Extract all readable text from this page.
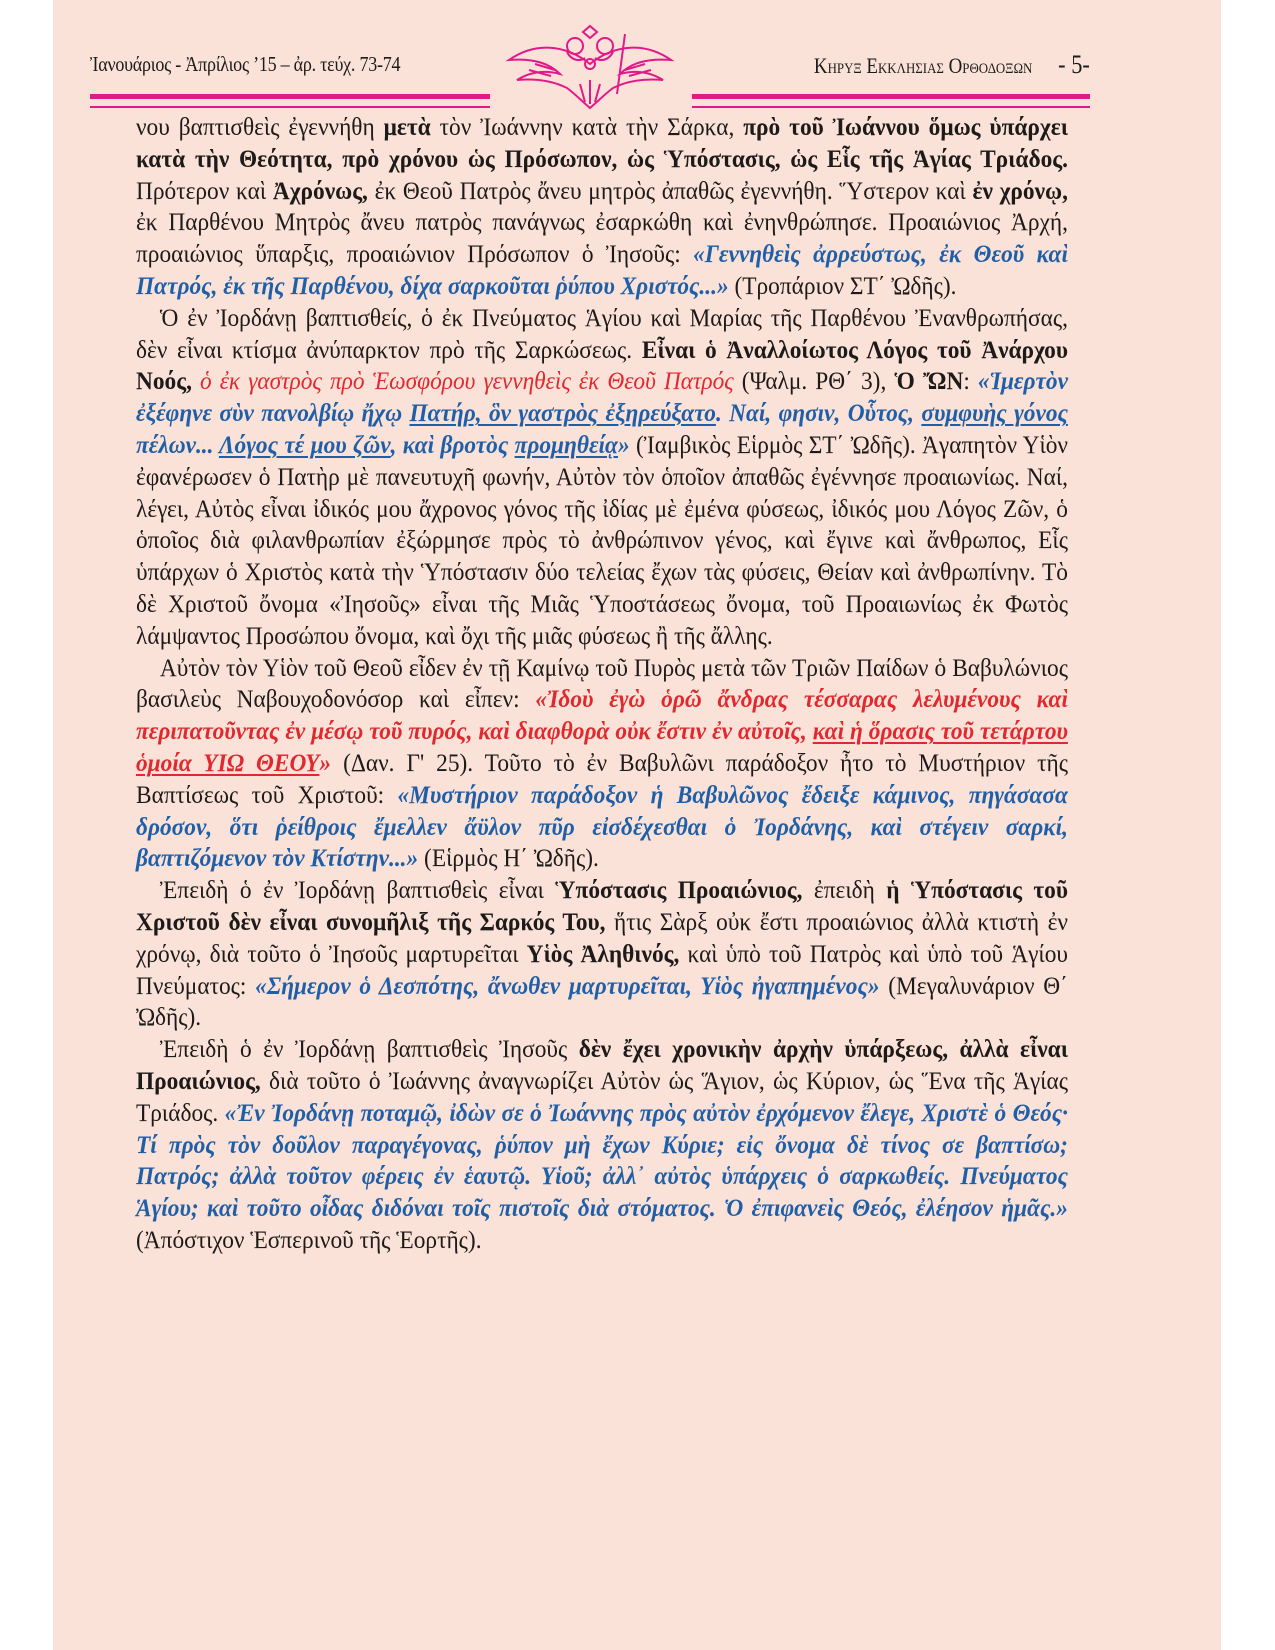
Ἰανουάριος - Ἀπρίλιος ’15 – ἀρ. τεύχ. 73-74	Κηρυξ Εκκλησιας Ορθοδοξων - 5-

νου βαπτισθεὶς ἐγεννήθη μετὰ τὸν Ἰωάννην κατὰ τὴν Σάρκα, πρὸ τοῦ Ἰωάννου ὅμως ὑπάρχει κατὰ τὴν Θεότητα, πρὸ χρόνου ὡς Πρόσωπον, ὡς Ὑπόστασις, ὡς Εἷς τῆς Ἁγίας Τριάδος. Πρότερον καὶ Ἀχρόνως, ἐκ Θεοῦ Πατρὸς ἄνευ μητρὸς ἀπαθῶς ἐγεννήθη. Ὕστερον καὶ ἐν χρόνῳ, ἐκ Παρθένου Μητρὸς ἄνευ πατρὸς πανάγνως ἐσαρκώθη καὶ ἐνηνθρώπησε. Προαιώνιος Ἀρχή, προαιώνιος ὕπαρξις, προαιώνιον Πρόσωπον ὁ Ἰησοῦς: «Γεννηθεὶς ἀρρεύστως, ἐκ Θεοῦ καὶ Πατρός, ἐκ τῆς Παρθένου, δίχα σαρκοῦται ῥύπου Χριστός...» (Τροπάριον ΣΤ΄ Ὠδῆς).

Ὁ ἐν Ἰορδάνῃ βαπτισθείς, ὁ ἐκ Πνεύματος Ἁγίου καὶ Μαρίας τῆς Παρθένου Ἐνανθρωπήσας, δὲν εἶναι κτίσμα ἀνύπαρκτον πρὸ τῆς Σαρκώσεως. Εἶναι ὁ Ἀναλλοίωτος Λόγος τοῦ Ἀνάρχου Νοός, ὁ ἐκ γαστρὸς πρὸ Ἑωσφόρου γεννηθεὶς ἐκ Θεοῦ Πατρός (Ψαλμ. ΡΘ΄ 3), Ὁ ὬΝ: «Ἱμερτὸν ἐξέφηνε σὺν πανολβίῳ ἤχῳ Πατήρ, ὃν γαστρὸς ἐξηρεύξατο. Ναί, φησιν, Οὗτος, συμφυὴς γόνος πέλων... Λόγος τέ μου ζῶν, καὶ βροτὸς προμηθείᾳ» (Ἰαμβικὸς Εἱρμὸς ΣΤ΄ Ὠδῆς). Ἀγαπητὸν Υἱὸν ἐφανέρωσεν ὁ Πατὴρ μὲ πανευτυχῆ φωνήν, Αὐτὸν τὸν ὁποῖον ἀπαθῶς ἐγέννησε προαιωνίως. Ναί, λέγει, Αὐτὸς εἶναι ἰδικός μου ἄχρονος γόνος τῆς ἰδίας μὲ ἐμένα φύσεως, ἰδικός μου Λόγος Ζῶν, ὁ ὁποῖος διὰ φιλανθρωπίαν ἐξώρμησε πρὸς τὸ ἀνθρώπινον γένος, καὶ ἔγινε καὶ ἄνθρωπος, Εἷς ὑπάρχων ὁ Χριστὸς κατὰ τὴν Ὑπόστασιν δύο τελείας ἔχων τὰς φύσεις, Θείαν καὶ ἀνθρωπίνην. Τὸ δὲ Χριστοῦ ὄνομα «Ἰησοῦς» εἶναι τῆς Μιᾶς Ὑποστάσεως ὄνομα, τοῦ Προαιωνίως ἐκ Φωτὸς λάμψαντος Προσώπου ὄνομα, καὶ ὄχι τῆς μιᾶς φύσεως ἢ τῆς ἄλλης.

Αὐτὸν τὸν Υἱὸν τοῦ Θεοῦ εἶδεν ἐν τῇ Καμίνῳ τοῦ Πυρὸς μετὰ τῶν Τριῶν Παίδων ὁ Βαβυλώνιος βασιλεὺς Ναβουχοδονόσορ καὶ εἶπεν: «Ἰδοὺ ἐγὼ ὁρῶ ἄνδρας τέσσαρας λελυμένους καὶ περιπατοῦντας ἐν μέσῳ τοῦ πυρός, καὶ διαφθορὰ οὐκ ἔστιν ἐν αὐτοῖς, καὶ ἡ ὅρασις τοῦ τετάρτου ὁμοία ΥΙΩ ΘΕΟΥ» (Δαν. Γ' 25). Τοῦτο τὸ ἐν Βαβυλῶνι παράδοξον ἦτο τὸ Μυστήριον τῆς Βαπτίσεως τοῦ Χριστοῦ: «Μυστήριον παράδοξον ἡ Βαβυλῶνος ἔδειξε κάμινος, πηγάσασα δρόσον, ὅτι ῥείθροις ἔμελλεν ἄϋλον πῦρ εἰσδέχεσθαι ὁ Ἰορδάνης, καὶ στέγειν σαρκί, βαπτιζόμενον τὸν Κτίστην...» (Εἱρμὸς Η΄ Ὠδῆς).

Ἐπειδὴ ὁ ἐν Ἰορδάνῃ βαπτισθεὶς εἶναι Ὑπόστασις Προαιώνιος, ἐπειδὴ ἡ Ὑπόστασις τοῦ Χριστοῦ δὲν εἶναι συνομῆλιξ τῆς Σαρκός Του, ἥτις Σὰρξ οὐκ ἔστι προαιώνιος ἀλλὰ κτιστὴ ἐν χρόνῳ, διὰ τοῦτο ὁ Ἰησοῦς μαρτυρεῖται Υἱὸς Ἀληθινός, καὶ ὑπὸ τοῦ Πατρὸς καὶ ὑπὸ τοῦ Ἁγίου Πνεύματος: «Σήμερον ὁ Δεσπότης, ἄνωθεν μαρτυρεῖται, Υἱὸς ἠγαπημένος» (Μεγαλυνάριον Θ΄ Ὠδῆς).

Ἐπειδὴ ὁ ἐν Ἰορδάνῃ βαπτισθεὶς Ἰησοῦς δὲν ἔχει χρονικὴν ἀρχὴν ὑπάρξεως, ἀλλὰ εἶναι Προαιώνιος, διὰ τοῦτο ὁ Ἰωάννης ἀναγνωρίζει Αὐτὸν ὡς Ἅγιον, ὡς Κύριον, ὡς Ἕνα τῆς Ἁγίας Τριάδος. «Ἐν Ἰορδάνῃ ποταμῷ, ἰδὼν σε ὁ Ἰωάννης πρὸς αὐτὸν ἐρχόμενον ἔλεγε, Χριστὲ ὁ Θεός· Τί πρὸς τὸν δοῦλον παραγέγονας, ῥύπον μὴ ἔχων Κύριε; εἰς ὄνομα δὲ τίνος σε βαπτίσω; Πατρός; ἀλλὰ τοῦτον φέρεις ἐν ἑαυτῷ. Υἱοῦ; ἀλλ᾽ αὐτὸς ὑπάρχεις ὁ σαρκωθείς. Πνεύματος Ἁγίου; καὶ τοῦτο οἶδας διδόναι τοῖς πιστοῖς διὰ στόματος. Ὁ ἐπιφανεὶς Θεός, ἐλέησον ἡμᾶς.» (Ἀπόστιχον Ἑσπερινοῦ τῆς Ἑορτῆς).
